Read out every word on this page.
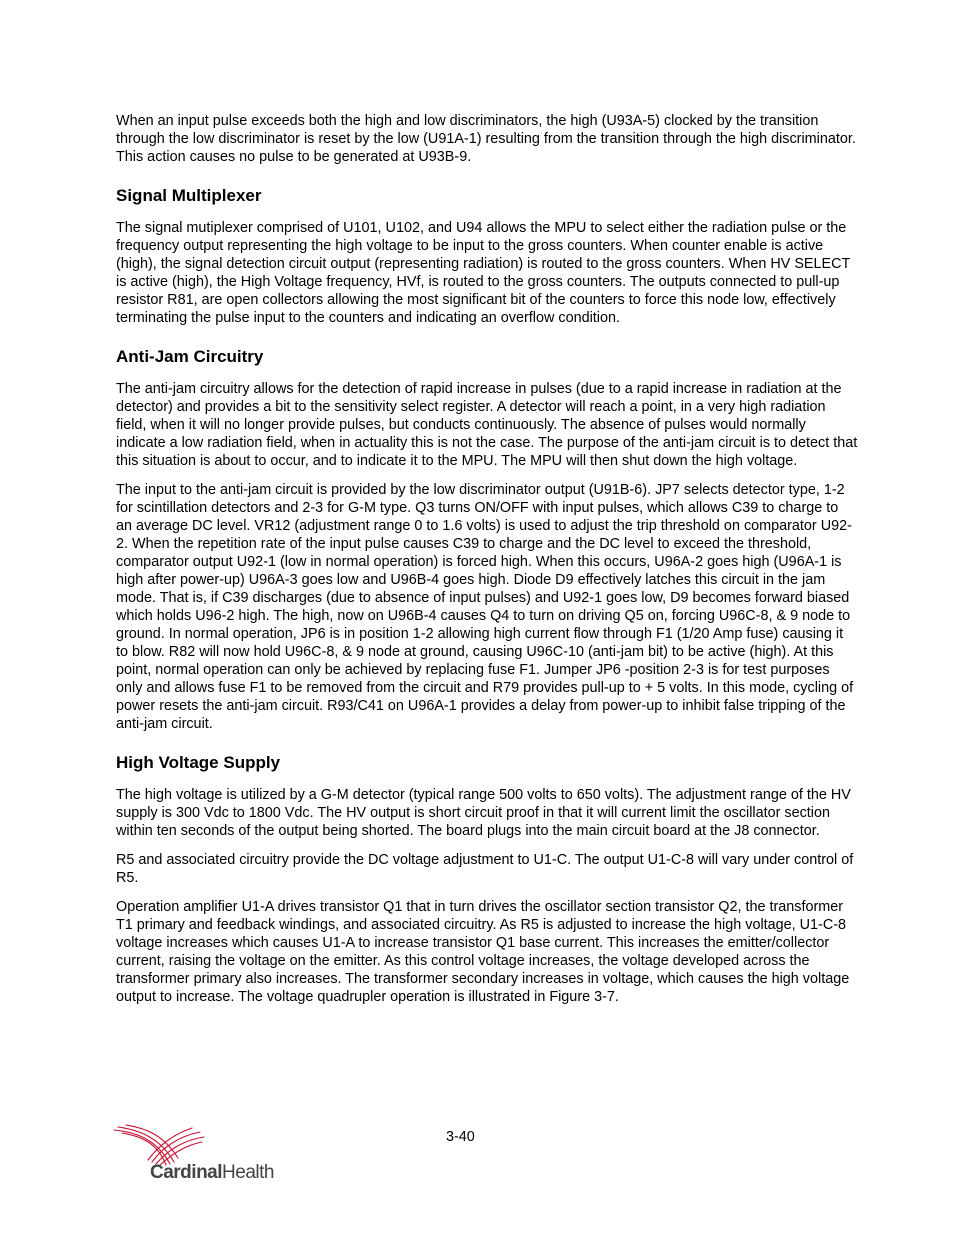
When an input pulse exceeds both the high and low discriminators, the high (U93A-5) clocked by the transition through the low discriminator is reset by the low (U91A-1) resulting from the transition through the high discriminator. This action causes no pulse to be generated at U93B-9.

Signal Multiplexer

The signal mutiplexer comprised of U101, U102, and U94 allows the MPU to select either the radiation pulse or the frequency output representing the high voltage to be input to the gross counters. When counter enable is active (high), the signal detection circuit output (representing radiation) is routed to the gross counters. When HV SELECT is active (high), the High Voltage frequency, HVf, is routed to the gross counters. The outputs connected to pull-up resistor R81, are open collectors allowing the most significant bit of the counters to force this node low, effectively terminating the pulse input to the counters and indicating an overflow condition.

Anti-Jam Circuitry

The anti-jam circuitry allows for the detection of rapid increase in pulses (due to a rapid increase in radiation at the detector) and provides a bit to the sensitivity select register. A detector will reach a point, in a very high radiation field, when it will no longer provide pulses, but conducts continuously. The absence of pulses would normally indicate a low radiation field, when in actuality this is not the case. The purpose of the anti-jam circuit is to detect that this situation is about to occur, and to indicate it to the MPU. The MPU will then shut down the high voltage.

The input to the anti-jam circuit is provided by the low discriminator output (U91B-6). JP7 selects detector type, 1-2 for scintillation detectors and 2-3 for G-M type. Q3 turns ON/OFF with input pulses, which allows C39 to charge to an average DC level. VR12 (adjustment range 0 to 1.6 volts) is used to adjust the trip threshold on comparator U92-2. When the repetition rate of the input pulse causes C39 to charge and the DC level to exceed the threshold, comparator output U92-1 (low in normal operation) is forced high. When this occurs, U96A-2 goes high (U96A-1 is high after power-up) U96A-3 goes low and U96B-4 goes high. Diode D9 effectively latches this circuit in the jam mode. That is, if C39 discharges (due to absence of input pulses) and U92-1 goes low, D9 becomes forward biased which holds U96-2 high. The high, now on U96B-4 causes Q4 to turn on driving Q5 on, forcing U96C-8, & 9 node to ground. In normal operation, JP6 is in position 1-2 allowing high current flow through F1 (1/20 Amp fuse) causing it to blow. R82 will now hold U96C-8, & 9 node at ground, causing U96C-10 (anti-jam bit) to be active (high). At this point, normal operation can only be achieved by replacing fuse F1. Jumper JP6 -position 2-3 is for test purposes only and allows fuse F1 to be removed from the circuit and R79 provides pull-up to + 5 volts. In this mode, cycling of power resets the anti-jam circuit. R93/C41 on U96A-1 provides a delay from power-up to inhibit false tripping of the anti-jam circuit.

High Voltage Supply

The high voltage is utilized by a G-M detector (typical range 500 volts to 650 volts). The adjustment range of the HV supply is 300 Vdc to 1800 Vdc. The HV output is short circuit proof in that it will current limit the oscillator section within ten seconds of the output being shorted. The board plugs into the main circuit board at the J8 connector.

R5 and associated circuitry provide the DC voltage adjustment to U1-C. The output U1-C-8 will vary under control of R5.

Operation amplifier U1-A drives transistor Q1 that in turn drives the oscillator section transistor Q2, the transformer T1 primary and feedback windings, and associated circuitry. As R5 is adjusted to increase the high voltage, U1-C-8 voltage increases which causes U1-A to increase transistor Q1 base current. This increases the emitter/collector current, raising the voltage on the emitter. As this control voltage increases, the voltage developed across the transformer primary also increases. The transformer secondary increases in voltage, which causes the high voltage output to increase. The voltage quadrupler operation is illustrated in Figure 3-7.

3-40
CardinalHealth
